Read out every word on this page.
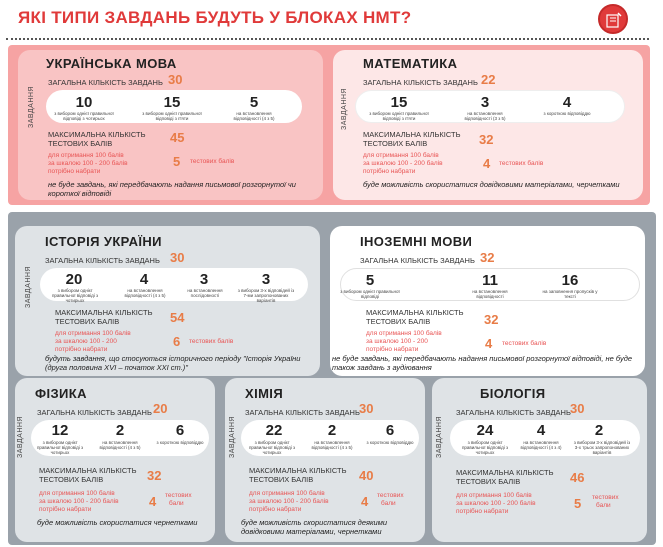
ЯКІ ТИПИ ЗАВДАНЬ БУДУТЬ У БЛОКАХ НМТ?
УКРАЇНСЬКА МОВА
ЗАГАЛЬНА КІЛЬКІСТЬ ЗАВДАНЬ 30
ЗАВДАННЯ	10
з вибором однієї правильної відповіді з чотирьох
15
з вибором однієї правильної відповіді з п'яти
5
на встановлення відповідності (4 з 5)
МАКСИМАЛЬНА КІЛЬКІСТЬ
ТЕСТОВИХ БАЛІВ	45
для отримання 100 балів
за шкалою 100 - 200 балів
потрібно набрати
5 тестових балів
не буде завдань, які передбачають надання письмової розгорнутої чи короткої відповіді
МАТЕМАТИКА
ЗАГАЛЬНА КІЛЬКІСТЬ ЗАВДАНЬ 22
ЗАВДАННЯ	15
з вибором однієї правильної відповіді з п'яти
3
на встановлення відповідності (3 з 5)
4
з короткою відповіддю
МАКСИМАЛЬНА КІЛЬКІСТЬ
ТЕСТОВИХ БАЛІВ	32
для отримання 100 балів
за шкалою 100 - 200 балів
потрібно набрати
4 тестових балів
буде можливість скористатися довідковими матеріалами, черчетками
ІСТОРІЯ УКРАЇНИ
ЗАГАЛЬНА КІЛЬКІСТЬ ЗАВДАНЬ 30
ЗАВДАННЯ	20
з вибором однієї правильної відповіді з чотирьох
4
на встановлення відповідності (4 з 5)
3
на встановлення послідовності
3
з вибором 3-х відповідей із 7-ми запропонованих варіантів
МАКСИМАЛЬНА КІЛЬКІСТЬ
ТЕСТОВИХ БАЛІВ	54
для отримання 100 балів
за шкалою 100 - 200
потрібно набрати
6 тестових балів
будуть завдання, що стосуються історичного періоду "Історія України (друга половина XVI – початок XXI ст.)"
ІНОЗЕМНІ МОВИ
ЗАГАЛЬНА КІЛЬКІСТЬ ЗАВДАНЬ 32
5
з вибором однієї правильної відповіді
11
на встановлення відповідності
16
на заповнення пропусків у тексті
МАКСИМАЛЬНА КІЛЬКІСТЬ
ТЕСТОВИХ БАЛІВ	32
для отримання 100 балів
за шкалою 100 - 200
потрібно набрати	4 тестових балів
не буде завдань, які передбачають надання письмової розгорнутої відповіді, не буде також завдань з аудіювання
ФІЗИКА
ЗАГАЛЬНА КІЛЬКІСТЬ ЗАВДАНЬ 20
ЗАВДАННЯ	12
з вибором однієї правильної відповіді з чотирьох
2
на встановлення відповідності (4 з 5)
6
з короткою відповіддю
МАКСИМАЛЬНА КІЛЬКІСТЬ
ТЕСТОВИХ БАЛІВ	32
для отримання 100 балів
за шкалою 100 - 200 балів
потрібно набрати
4 тестових
бали
буде можливість скористатися чернетками
ХІМІЯ
ЗАГАЛЬНА КІЛЬКІСТЬ ЗАВДАНЬ 30
ЗАВДАННЯ	22
з вибором однієї правильної відповіді з чотирьох
2
на встановлення відповідності (4 з 5)
6
з короткою відповіддю
МАКСИМАЛЬНА КІЛЬКІСТЬ
ТЕСТОВИХ БАЛІВ	40
для отримання 100 балів
за шкалою 100 - 200 балів
потрібно набрати
4 тестових
бали
буде можливість скористатися деякими довідковими матеріалами, чернетками
БІОЛОГІЯ
ЗАГАЛЬНА КІЛЬКІСТЬ ЗАВДАНЬ 30
ЗАВДАННЯ	24
з вибором однієї правильної відповіді з чотирьох
4
на встановлення відповідності (4 з 4)
2
з вибором 3-х відповідей із 3-х трьох запропонованих варіантів
МАКСИМАЛЬНА КІЛЬКІСТЬ
ТЕСТОВИХ БАЛІВ	46
для отримання 100 балів
за шкалою 100 - 200 балів
потрібно набрати
5 тестових
бали
